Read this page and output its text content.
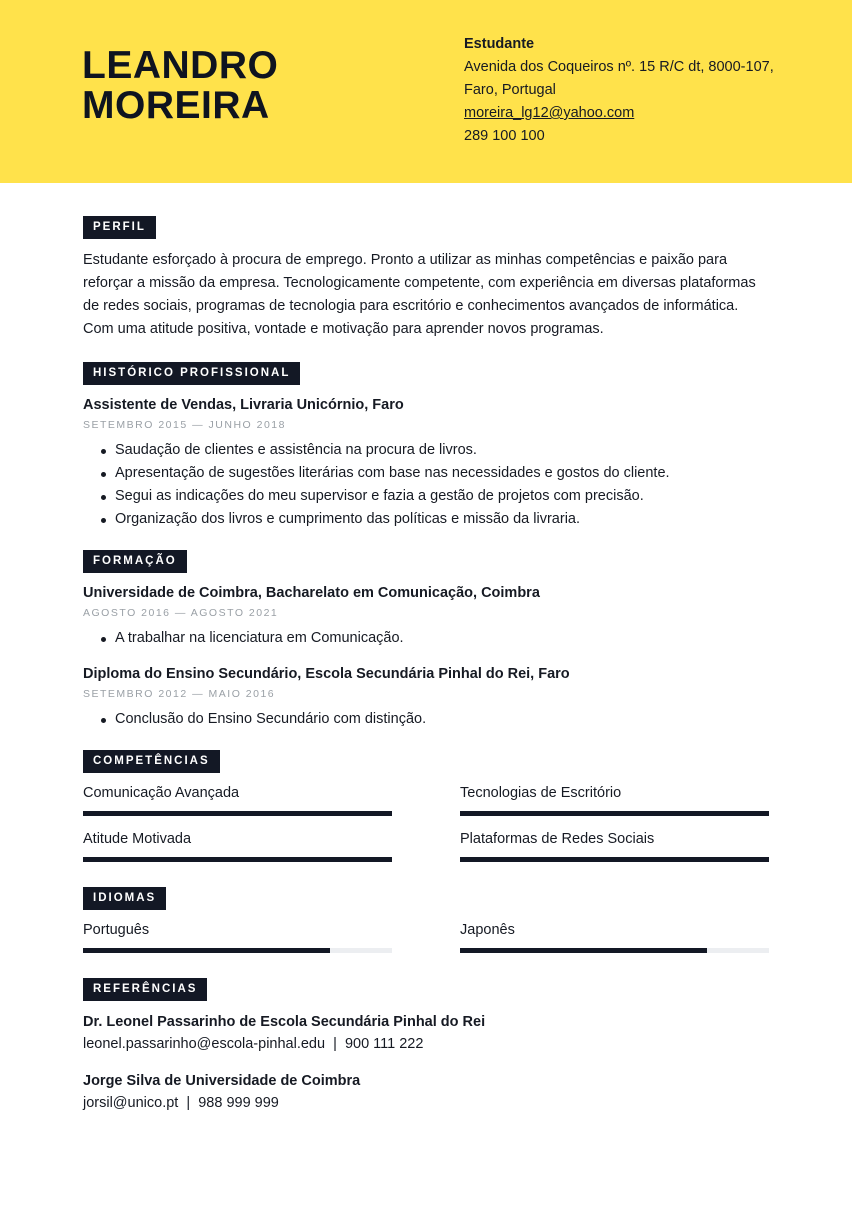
LEANDRO
MOREIRA
Estudante
Avenida dos Coqueiros nº. 15 R/C dt, 8000-107,
Faro, Portugal
moreira_lg12@yahoo.com
289 100 100
PERFIL

Estudante esforçado à procura de emprego. Pronto a utilizar as minhas competências e paixão para reforçar a missão da empresa. Tecnologicamente competente, com experiência em diversas plataformas de redes sociais, programas de tecnologia para escritório e conhecimentos avançados de informática. Com uma atitude positiva, vontade e motivação para aprender novos programas.

HISTÓRICO PROFISSIONAL
Assistente de Vendas, Livraria Unicórnio, Faro
SETEMBRO 2015 — JUNHO 2018
Saudação de clientes e assistência na procura de livros.
Apresentação de sugestões literárias com base nas necessidades e gostos do cliente.
Segui as indicações do meu supervisor e fazia a gestão de projetos com precisão.
Organização dos livros e cumprimento das políticas e missão da livraria.
FORMAÇÃO
Universidade de Coimbra, Bacharelato em Comunicação, Coimbra
AGOSTO 2016 — AGOSTO 2021
A trabalhar na licenciatura em Comunicação.
Diploma do Ensino Secundário, Escola Secundária Pinhal do Rei, Faro
SETEMBRO 2012 — MAIO 2016
Conclusão do Ensino Secundário com distinção.
COMPETÊNCIAS
Comunicação Avançada	Tecnologias de Escritório
Atitude Motivada	Plataformas de Redes Sociais
IDIOMAS
Português	Japonês
REFERÊNCIAS
Dr. Leonel Passarinho de Escola Secundária Pinhal do Rei
leonel.passarinho@escola-pinhal.edu | 900 111 222
Jorge Silva de Universidade de Coimbra
jorsil@unico.pt | 988 999 999
